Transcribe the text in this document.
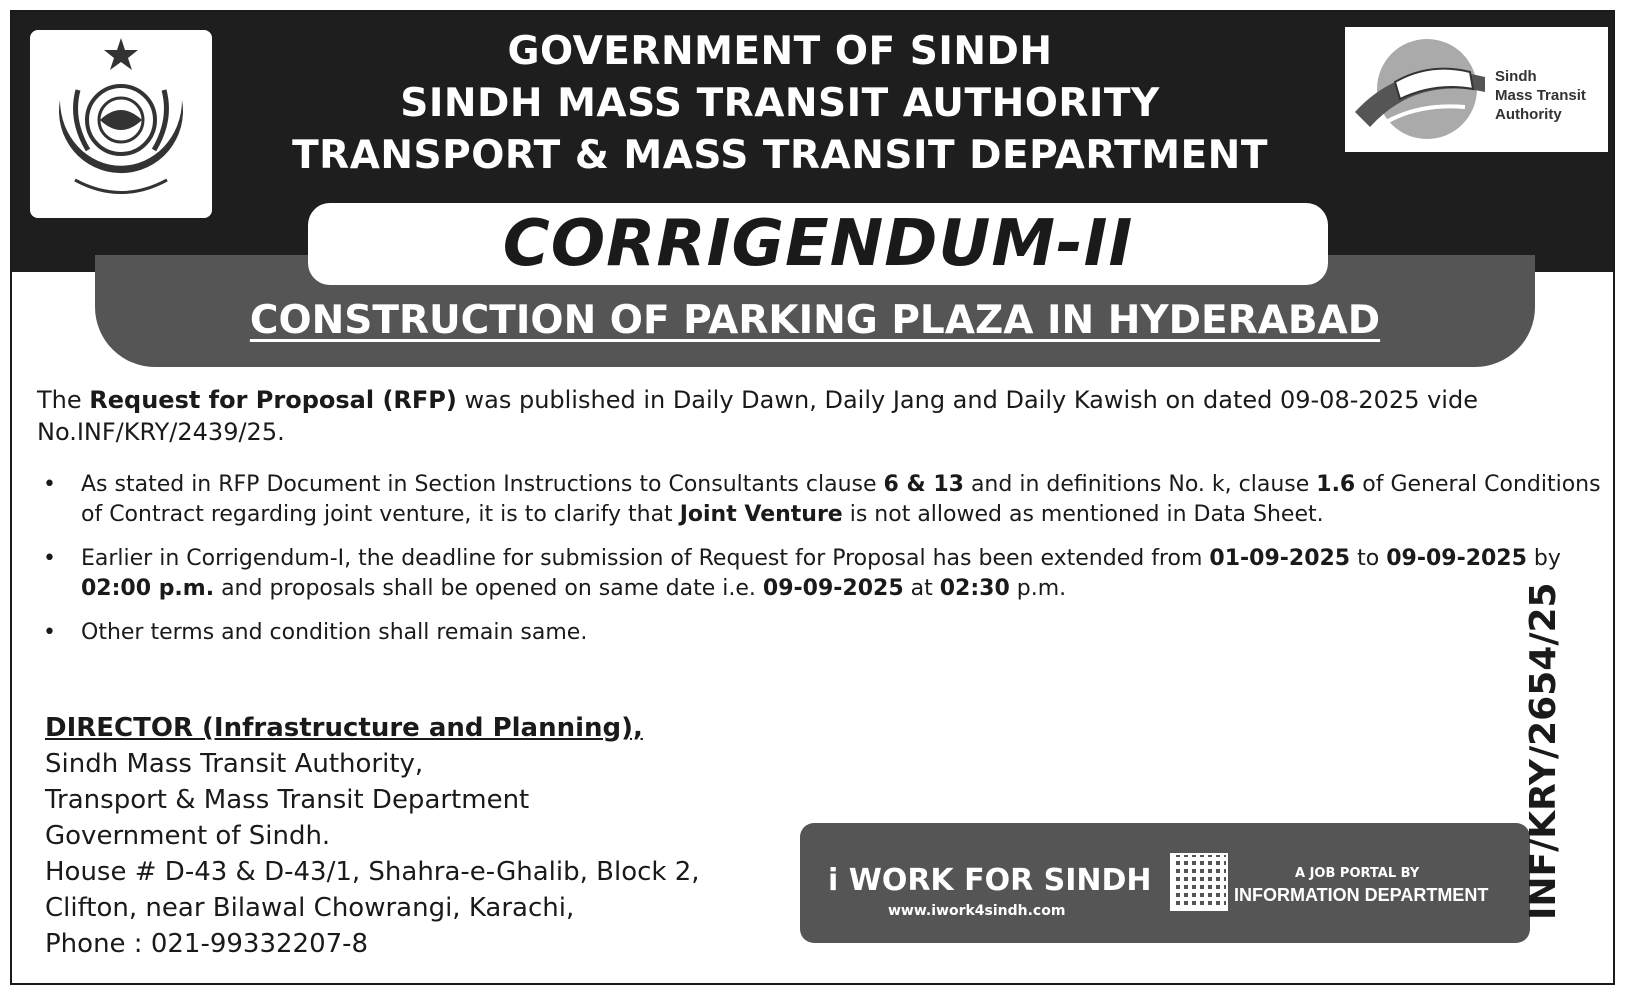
Sindh
Mass Transit
Authority
GOVERNMENT OF SINDH
SINDH MASS TRANSIT AUTHORITY
TRANSPORT & MASS TRANSIT DEPARTMENT
CORRIGENDUM-II
CONSTRUCTION OF PARKING PLAZA IN HYDERABAD
The Request for Proposal (RFP) was published in Daily Dawn, Daily Jang and Daily Kawish on dated 09-08-2025 vide No.INF/KRY/2439/25.
• As stated in RFP Document in Section Instructions to Consultants clause 6 & 13 and in definitions No. k, clause 1.6 of General Conditions of Contract regarding joint venture, it is to clarify that Joint Venture is not allowed as mentioned in Data Sheet.
• Earlier in Corrigendum-I, the deadline for submission of Request for Proposal has been extended from 01-09-2025 to 09-09-2025 by 02:00 p.m. and proposals shall be opened on same date i.e. 09-09-2025 at 02:30 p.m.
• Other terms and condition shall remain same.
DIRECTOR (Infrastructure and Planning),
Sindh Mass Transit Authority,
Transport & Mass Transit Department
Government of Sindh.
House # D-43 & D-43/1, Shahra-e-Ghalib, Block 2,
Clifton, near Bilawal Chowrangi, Karachi,
Phone : 021-99332207-8
i WORK FOR SINDH
www.iwork4sindh.com
A JOB PORTAL BY
INFORMATION DEPARTMENT INF/KRY/2654/25
